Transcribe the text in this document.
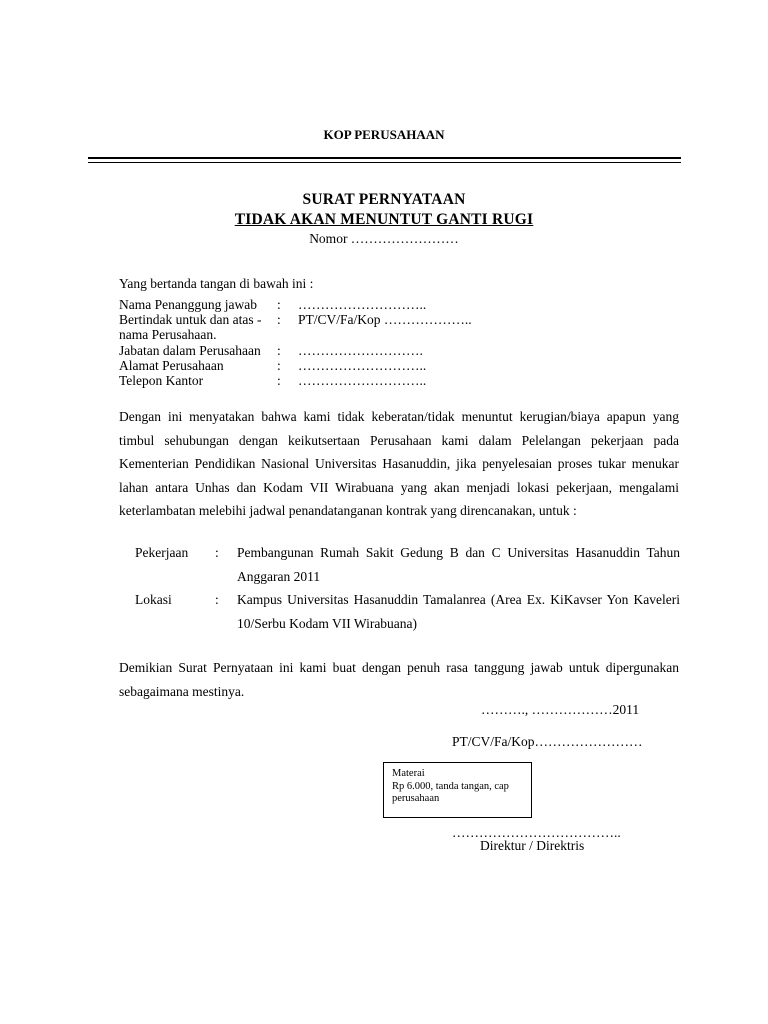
KOP PERUSAHAAN
SURAT PERNYATAAN
TIDAK AKAN MENUNTUT GANTI RUGI
Nomor ……………………
Yang bertanda tangan di bawah ini :
Nama Penanggung jawab	:	………………………..
Bertindak untuk dan atas -	:	PT/CV/Fa/Kop ………………..
nama Perusahaan.
Jabatan dalam Perusahaan	:	……………………….
Alamat Perusahaan	:	………………………..
Telepon Kantor	:	………………………..
Dengan ini menyatakan bahwa kami tidak keberatan/tidak menuntut kerugian/biaya apapun yang timbul sehubungan dengan keikutsertaan Perusahaan kami dalam Pelelangan pekerjaan pada Kementerian Pendidikan Nasional Universitas Hasanuddin, jika penyelesaian proses tukar menukar lahan antara Unhas dan Kodam VII Wirabuana yang akan menjadi lokasi pekerjaan, mengalami keterlambatan melebihi jadwal penandatanganan kontrak yang direncanakan, untuk :
Pekerjaan	:	Pembangunan Rumah Sakit Gedung B dan C Universitas Hasanuddin Tahun Anggaran 2011
Lokasi	:	Kampus Universitas Hasanuddin Tamalanrea (Area Ex. KiKavser Yon Kaveleri 10/Serbu Kodam VII Wirabuana)
Demikian Surat Pernyataan ini kami buat dengan penuh rasa tanggung jawab untuk dipergunakan sebagaimana mestinya.
………., ………………2011
PT/CV/Fa/Kop……………………
Materai
Rp 6.000, tanda tangan, cap
perusahaan
………………………………..
Direktur / Direktris
